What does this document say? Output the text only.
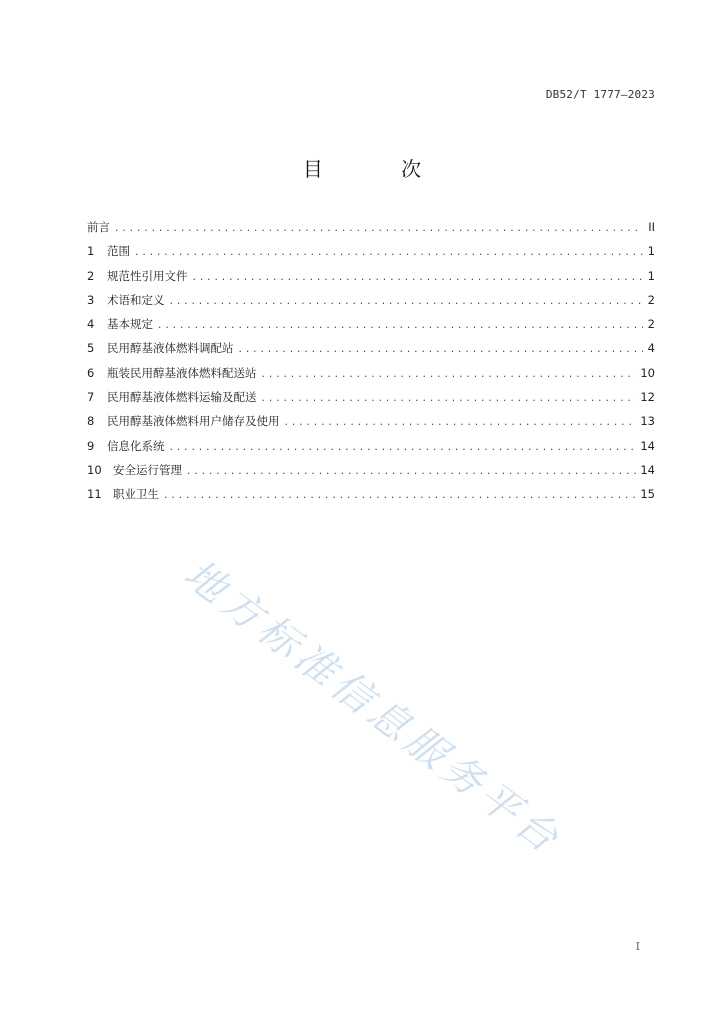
DB52/T 1777—2023
目 次
前言 .....	II
1	范围 .....	1
2	规范性引用文件 .....	1
3	术语和定义 .....	2
4	基本规定 .....	2
5	民用醇基液体燃料调配站 .....	4
6	瓶装民用醇基液体燃料配送站 .....	10
7	民用醇基液体燃料运输及配送 .....	12
8	民用醇基液体燃料用户储存及使用 .....	13
9	信息化系统 .....	14
10 安全运行管理 .....	14
11 职业卫生 .....	15
地方标准信息服务平台
I
